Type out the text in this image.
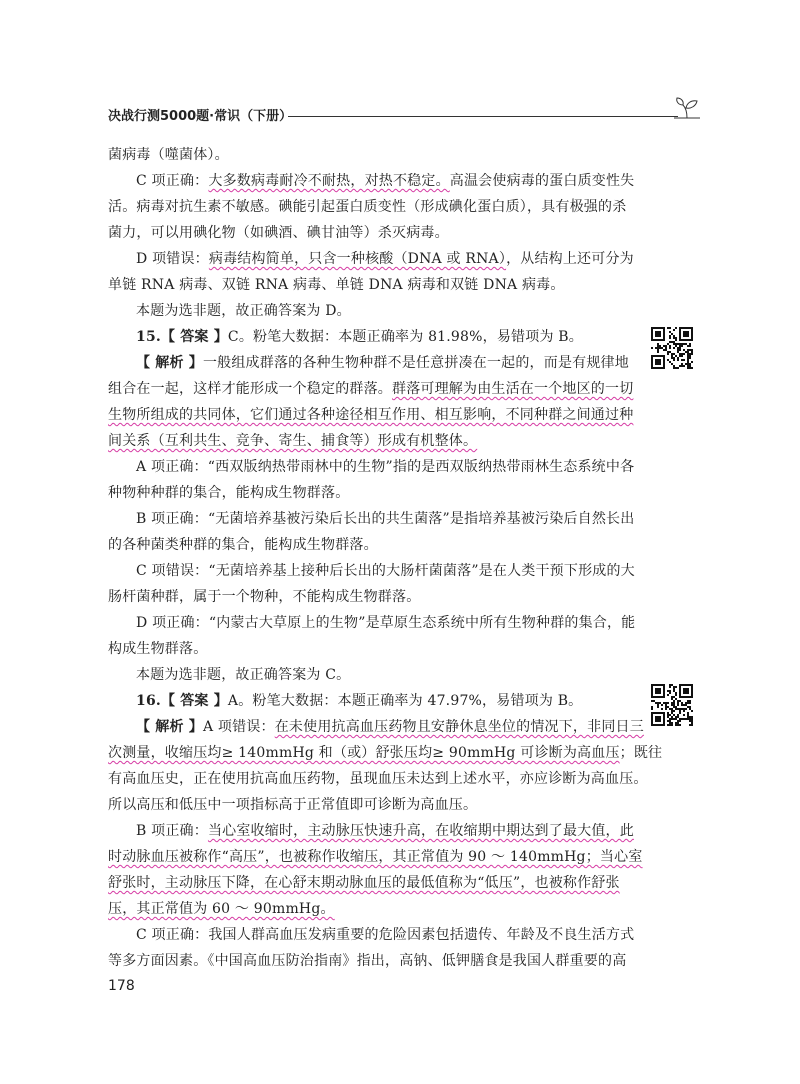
决战行测5000题·常识（下册）
菌病毒（噬菌体）。
C 项正确：大多数病毒耐冷不耐热，对热不稳定。高温会使病毒的蛋白质变性失
活。病毒对抗生素不敏感。碘能引起蛋白质变性（形成碘化蛋白质），具有极强的杀
菌力，可以用碘化物（如碘酒、碘甘油等）杀灭病毒。
D 项错误：病毒结构简单，只含一种核酸（DNA 或 RNA），从结构上还可分为
单链 RNA 病毒、双链 RNA 病毒、单链 DNA 病毒和双链 DNA 病毒。
本题为选非题，故正确答案为 D。
15.【 答案 】C。粉笔大数据：本题正确率为 81.98%，易错项为 B。
【 解析 】一般组成群落的各种生物种群不是任意拼凑在一起的，而是有规律地
组合在一起，这样才能形成一个稳定的群落。群落可理解为由生活在一个地区的一切
生物所组成的共同体，它们通过各种途径相互作用、相互影响，不同种群之间通过种
间关系（互利共生、竞争、寄生、捕食等）形成有机整体。
A 项正确：“西双版纳热带雨林中的生物”指的是西双版纳热带雨林生态系统中各
种物种种群的集合，能构成生物群落。
B 项正确：“无菌培养基被污染后长出的共生菌落”是指培养基被污染后自然长出
的各种菌类种群的集合，能构成生物群落。
C 项错误：“无菌培养基上接种后长出的大肠杆菌菌落”是在人类干预下形成的大
肠杆菌种群，属于一个物种，不能构成生物群落。
D 项正确：“内蒙古大草原上的生物”是草原生态系统中所有生物种群的集合，能
构成生物群落。
本题为选非题，故正确答案为 C。
16.【 答案 】A。粉笔大数据：本题正确率为 47.97%，易错项为 B。
【 解析 】A 项错误：在未使用抗高血压药物且安静休息坐位的情况下，非同日三
次测量，收缩压均≥ 140mmHg 和（或）舒张压均≥ 90mmHg 可诊断为高血压；既往
有高血压史，正在使用抗高血压药物，虽现血压未达到上述水平，亦应诊断为高血压。
所以高压和低压中一项指标高于正常值即可诊断为高血压。
B 项正确：当心室收缩时，主动脉压快速升高，在收缩期中期达到了最大值，此
时动脉血压被称作“高压”，也被称作收缩压，其正常值为 90 ～ 140mmHg；当心室
舒张时，主动脉压下降，在心舒末期动脉血压的最低值称为“低压”，也被称作舒张
压，其正常值为 60 ～ 90mmHg。
C 项正确：我国人群高血压发病重要的危险因素包括遗传、年龄及不良生活方式
等多方面因素。《中国高血压防治指南》指出，高钠、低钾膳食是我国人群重要的高
178
